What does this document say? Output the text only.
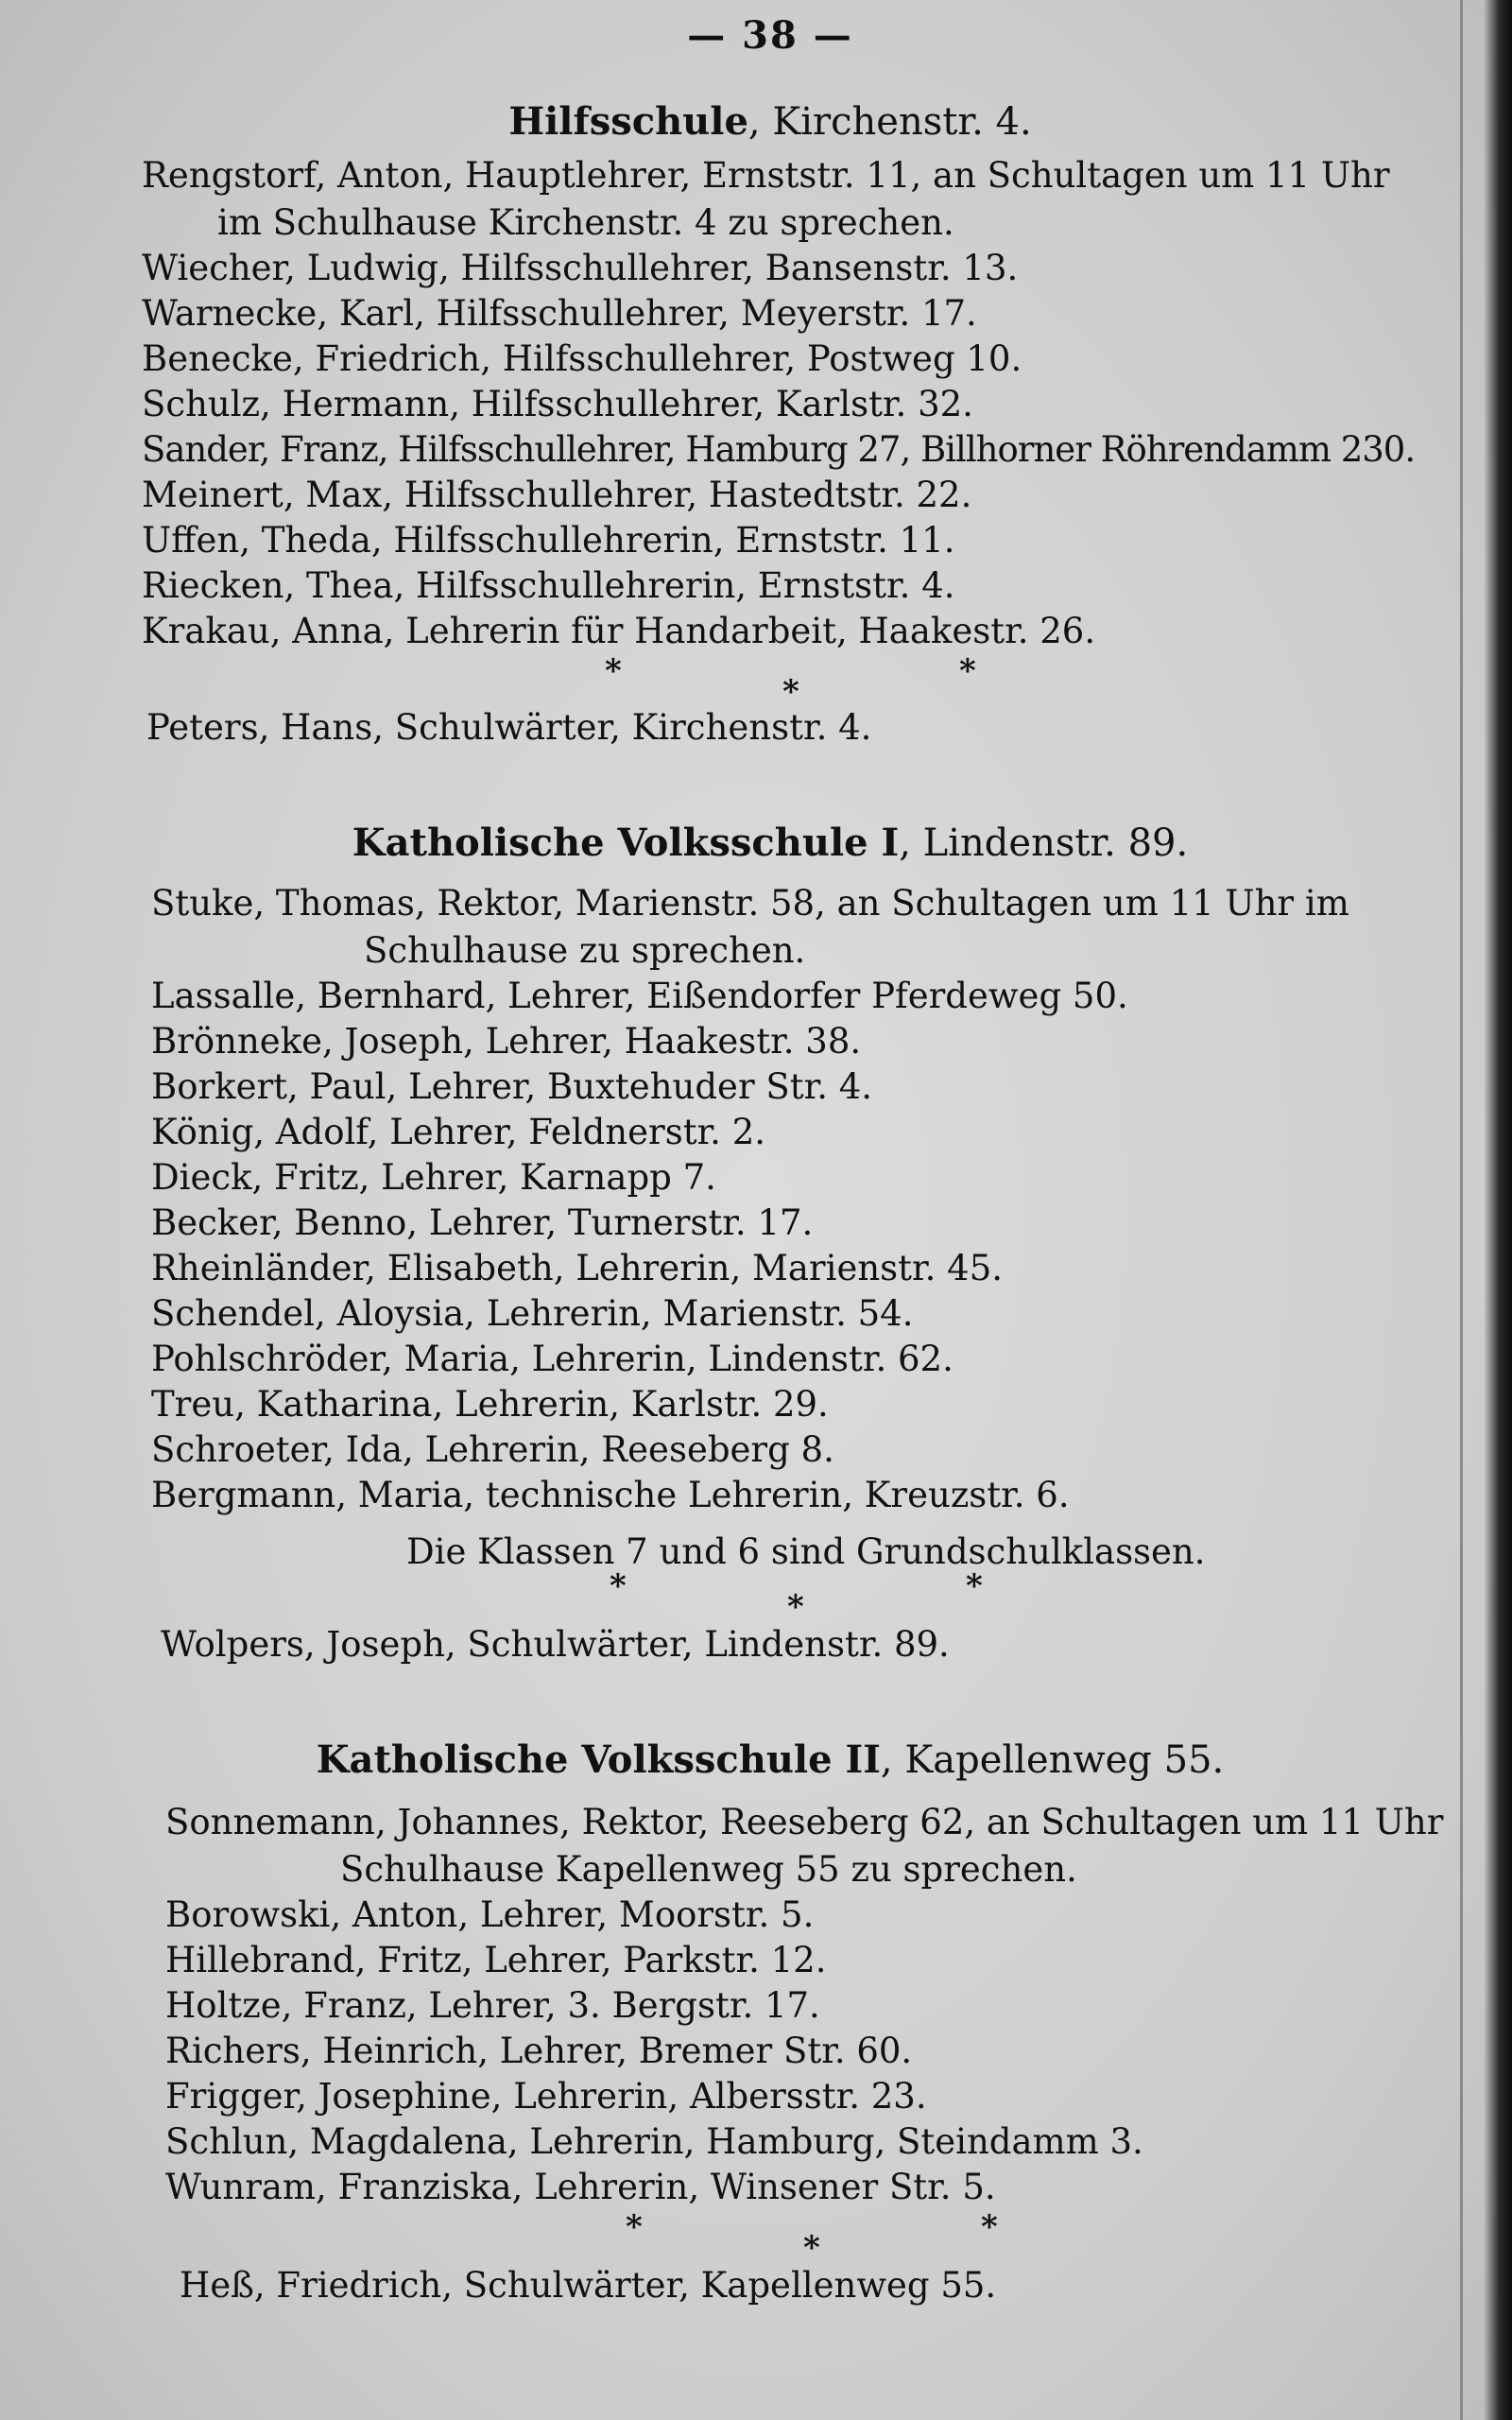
— 38 —
Hilfsschule, Kirchenstr. 4.
Rengstorf, Anton, Hauptlehrer, Ernststr. 11, an Schultagen um 11 Uhr
im Schulhause Kirchenstr. 4 zu sprechen.
Wiecher, Ludwig, Hilfsschullehrer, Bansenstr. 13.
Warnecke, Karl, Hilfsschullehrer, Meyerstr. 17.
Benecke, Friedrich, Hilfsschullehrer, Postweg 10.
Schulz, Hermann, Hilfsschullehrer, Karlstr. 32.
Sander, Franz, Hilfsschullehrer, Hamburg 27, Billhorner Röhrendamm 230.
Meinert, Max, Hilfsschullehrer, Hastedtstr. 22.
Uffen, Theda, Hilfsschullehrerin, Ernststr. 11.
Riecken, Thea, Hilfsschullehrerin, Ernststr. 4.
Krakau, Anna, Lehrerin für Handarbeit, Haakestr. 26.
*
*
*
Peters, Hans, Schulwärter, Kirchenstr. 4.
Katholische Volksschule I, Lindenstr. 89.
Stuke, Thomas, Rektor, Marienstr. 58, an Schultagen um 11 Uhr im
Schulhause zu sprechen.
Lassalle, Bernhard, Lehrer, Eißendorfer Pferdeweg 50.
Brönneke, Joseph, Lehrer, Haakestr. 38.
Borkert, Paul, Lehrer, Buxtehuder Str. 4.
König, Adolf, Lehrer, Feldnerstr. 2.
Dieck, Fritz, Lehrer, Karnapp 7.
Becker, Benno, Lehrer, Turnerstr. 17.
Rheinländer, Elisabeth, Lehrerin, Marienstr. 45.
Schendel, Aloysia, Lehrerin, Marienstr. 54.
Pohlschröder, Maria, Lehrerin, Lindenstr. 62.
Treu, Katharina, Lehrerin, Karlstr. 29.
Schroeter, Ida, Lehrerin, Reeseberg 8.
Bergmann, Maria, technische Lehrerin, Kreuzstr. 6.
Die Klassen 7 und 6 sind Grundschulklassen.
*
*
*
Wolpers, Joseph, Schulwärter, Lindenstr. 89.
Katholische Volksschule II, Kapellenweg 55.
Sonnemann, Johannes, Rektor, Reeseberg 62, an Schultagen um 11 Uhr
Schulhause Kapellenweg 55 zu sprechen.
Borowski, Anton, Lehrer, Moorstr. 5.
Hillebrand, Fritz, Lehrer, Parkstr. 12.
Holtze, Franz, Lehrer, 3. Bergstr. 17.
Richers, Heinrich, Lehrer, Bremer Str. 60.
Frigger, Josephine, Lehrerin, Albersstr. 23.
Schlun, Magdalena, Lehrerin, Hamburg, Steindamm 3.
Wunram, Franziska, Lehrerin, Winsener Str. 5.
*
*
*
Heß, Friedrich, Schulwärter, Kapellenweg 55.
